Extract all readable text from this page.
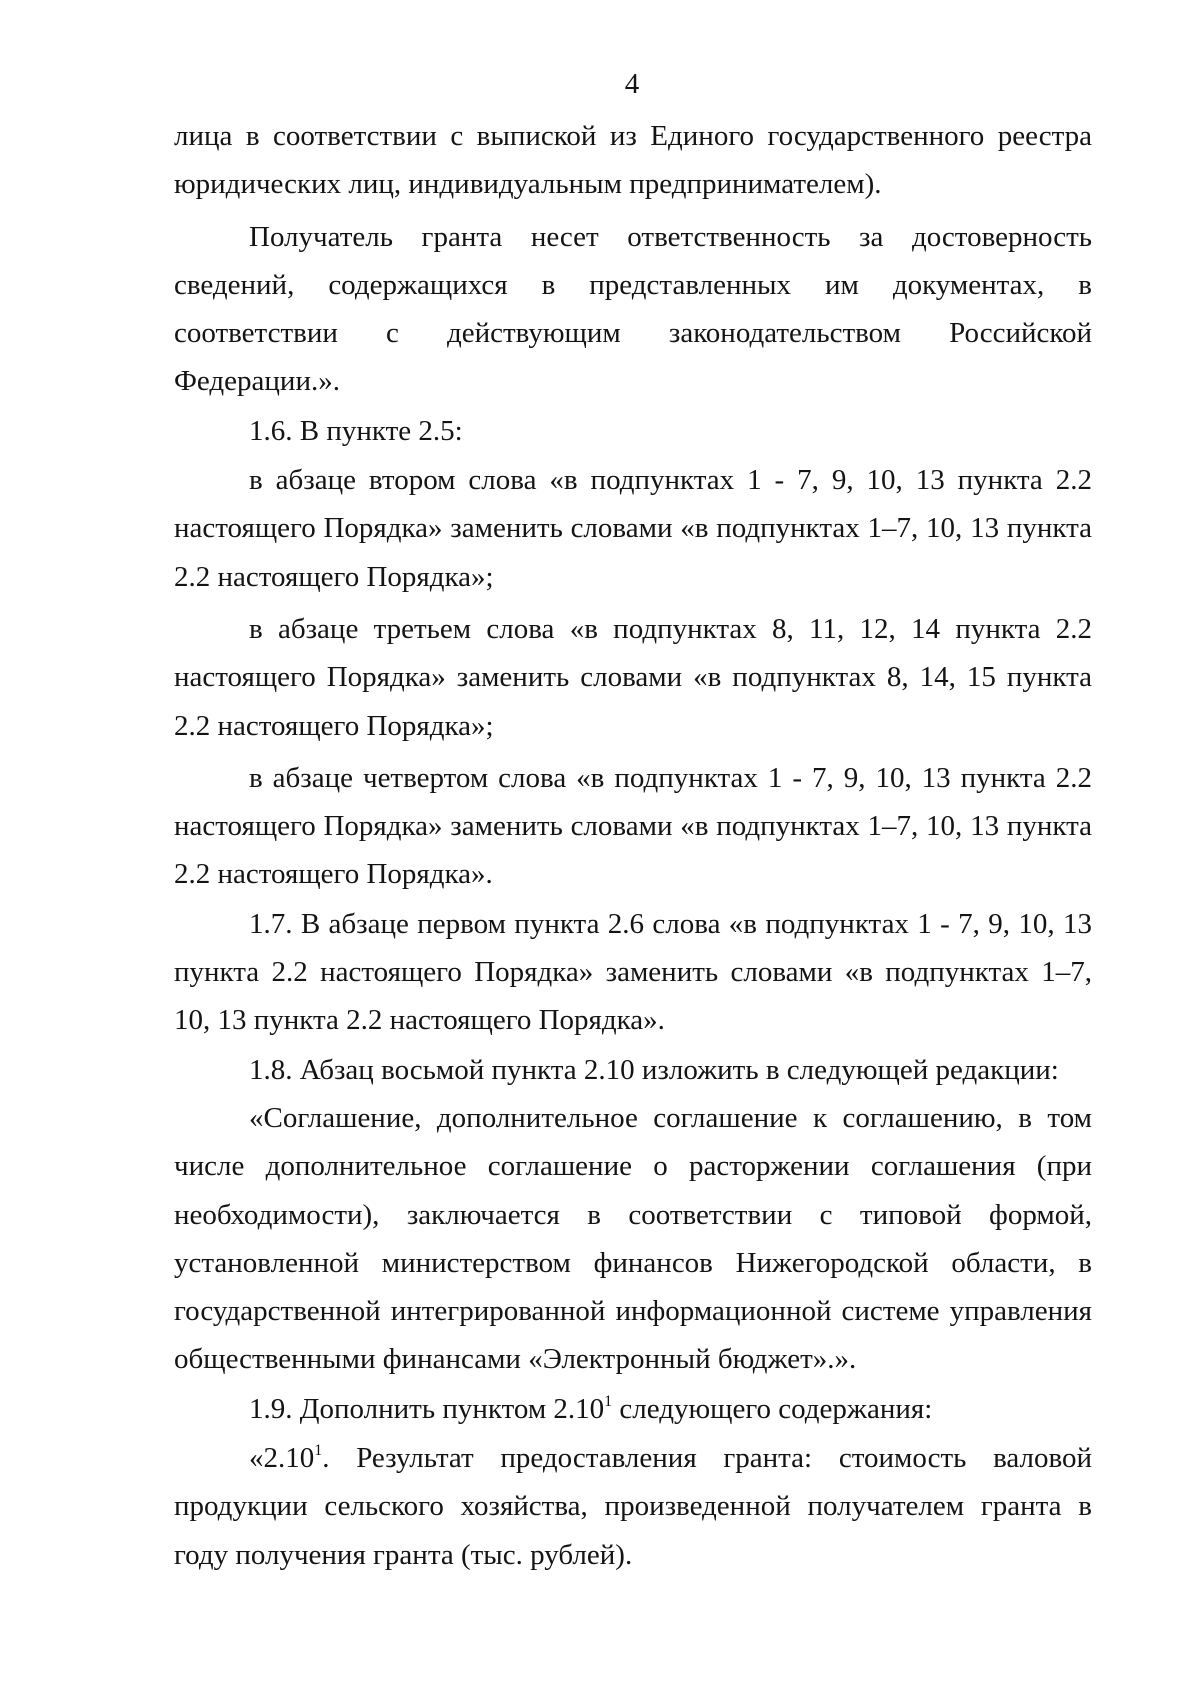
4

лица в соответствии с выпиской из Единого государственного реестра юридических лиц, индивидуальным предпринимателем).

Получатель гранта несет ответственность за достоверность сведений, содержащихся в представленных им документах, в соответствии с действующим законодательством Российской Федерации.».

1.6. В пункте 2.5:

в абзаце втором слова «в подпунктах 1 - 7, 9, 10, 13 пункта 2.2 настоящего Порядка» заменить словами «в подпунктах 1–7, 10, 13 пункта 2.2 настоящего Порядка»;

в абзаце третьем слова «в подпунктах 8, 11, 12, 14 пункта 2.2 настоящего Порядка» заменить словами «в подпунктах 8, 14, 15 пункта 2.2 настоящего Порядка»;

в абзаце четвертом слова «в подпунктах 1 - 7, 9, 10, 13 пункта 2.2 настоящего Порядка» заменить словами «в подпунктах 1–7, 10, 13 пункта 2.2 настоящего Порядка».

1.7. В абзаце первом пункта 2.6 слова «в подпунктах 1 - 7, 9, 10, 13 пункта 2.2 настоящего Порядка» заменить словами «в подпунктах 1–7, 10, 13 пункта 2.2 настоящего Порядка».

1.8. Абзац восьмой пункта 2.10 изложить в следующей редакции:

«Соглашение, дополнительное соглашение к соглашению, в том числе дополнительное соглашение о расторжении соглашения (при необходимости), заключается в соответствии с типовой формой, установленной министерством финансов Нижегородской области, в государственной интегрированной информационной системе управления общественными финансами «Электронный бюджет».».

1.9. Дополнить пунктом 2.10$^1$ следующего содержания:

«2.10$^1$. Результат предоставления гранта: стоимость валовой продукции сельского хозяйства, произведенной получателем гранта в году получения гранта (тыс. рублей).
